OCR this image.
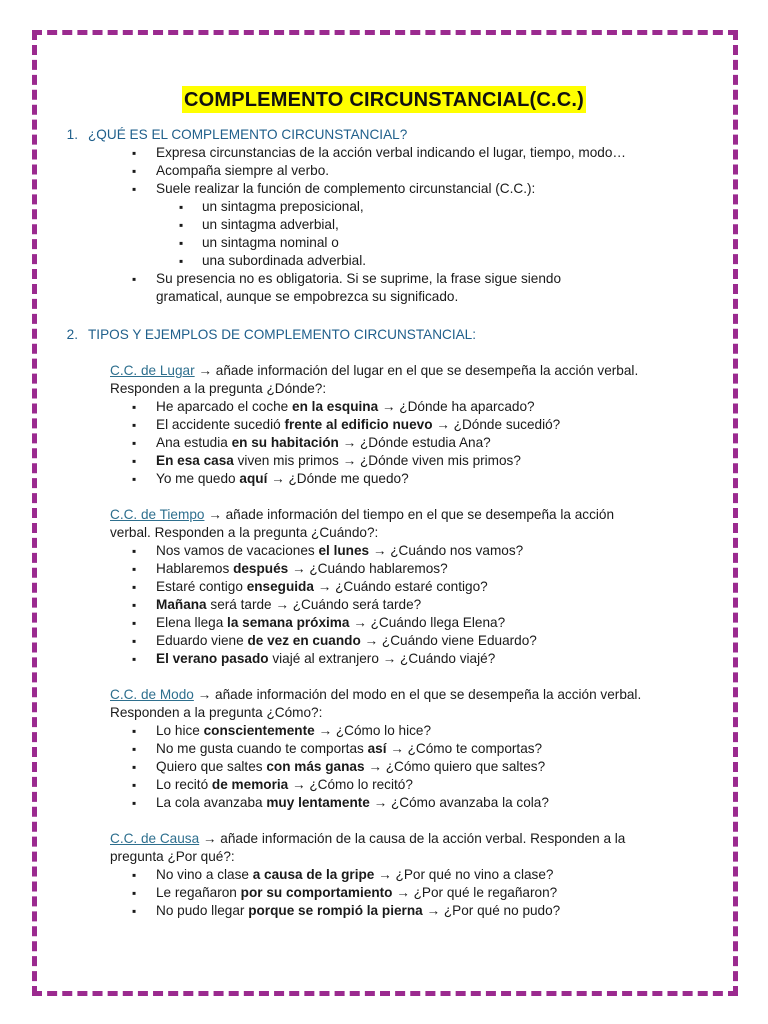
COMPLEMENTO CIRCUNSTANCIAL(C.C.)
1. ¿QUÉ ES EL COMPLEMENTO CIRCUNSTANCIAL?
▪ Expresa circunstancias de la acción verbal indicando el lugar, tiempo, modo…
▪ Acompaña siempre al verbo.
▪ Suele realizar la función de complemento circunstancial (C.C.):
▪ un sintagma preposicional,
▪ un sintagma adverbial,
▪ un sintagma nominal o
▪ una subordinada adverbial.
▪ Su presencia no es obligatoria. Si se suprime, la frase sigue siendo gramatical, aunque se empobrezca su significado.
2. TIPOS Y EJEMPLOS DE COMPLEMENTO CIRCUNSTANCIAL:
C.C. de Lugar → añade información del lugar en el que se desempeña la acción verbal. Responden a la pregunta ¿Dónde?:
▪ He aparcado el coche en la esquina → ¿Dónde ha aparcado?
▪ El accidente sucedió frente al edificio nuevo → ¿Dónde sucedió?
▪ Ana estudia en su habitación → ¿Dónde estudia Ana?
▪ En esa casa viven mis primos → ¿Dónde viven mis primos?
▪ Yo me quedo aquí → ¿Dónde me quedo?
C.C. de Tiempo → añade información del tiempo en el que se desempeña la acción verbal. Responden a la pregunta ¿Cuándo?:
▪ Nos vamos de vacaciones el lunes → ¿Cuándo nos vamos?
▪ Hablaremos después → ¿Cuándo hablaremos?
▪ Estaré contigo enseguida → ¿Cuándo estaré contigo?
▪ Mañana será tarde → ¿Cuándo será tarde?
▪ Elena llega la semana próxima → ¿Cuándo llega Elena?
▪ Eduardo viene de vez en cuando → ¿Cuándo viene Eduardo?
▪ El verano pasado viajé al extranjero → ¿Cuándo viajé?
C.C. de Modo → añade información del modo en el que se desempeña la acción verbal. Responden a la pregunta ¿Cómo?:
▪ Lo hice conscientemente → ¿Cómo lo hice?
▪ No me gusta cuando te comportas así → ¿Cómo te comportas?
▪ Quiero que saltes con más ganas → ¿Cómo quiero que saltes?
▪ Lo recitó de memoria → ¿Cómo lo recitó?
▪ La cola avanzaba muy lentamente → ¿Cómo avanzaba la cola?
C.C. de Causa → añade información de la causa de la acción verbal. Responden a la pregunta ¿Por qué?:
▪ No vino a clase a causa de la gripe → ¿Por qué no vino a clase?
▪ Le regañaron por su comportamiento → ¿Por qué le regañaron?
▪ No pudo llegar porque se rompió la pierna → ¿Por qué no pudo?
